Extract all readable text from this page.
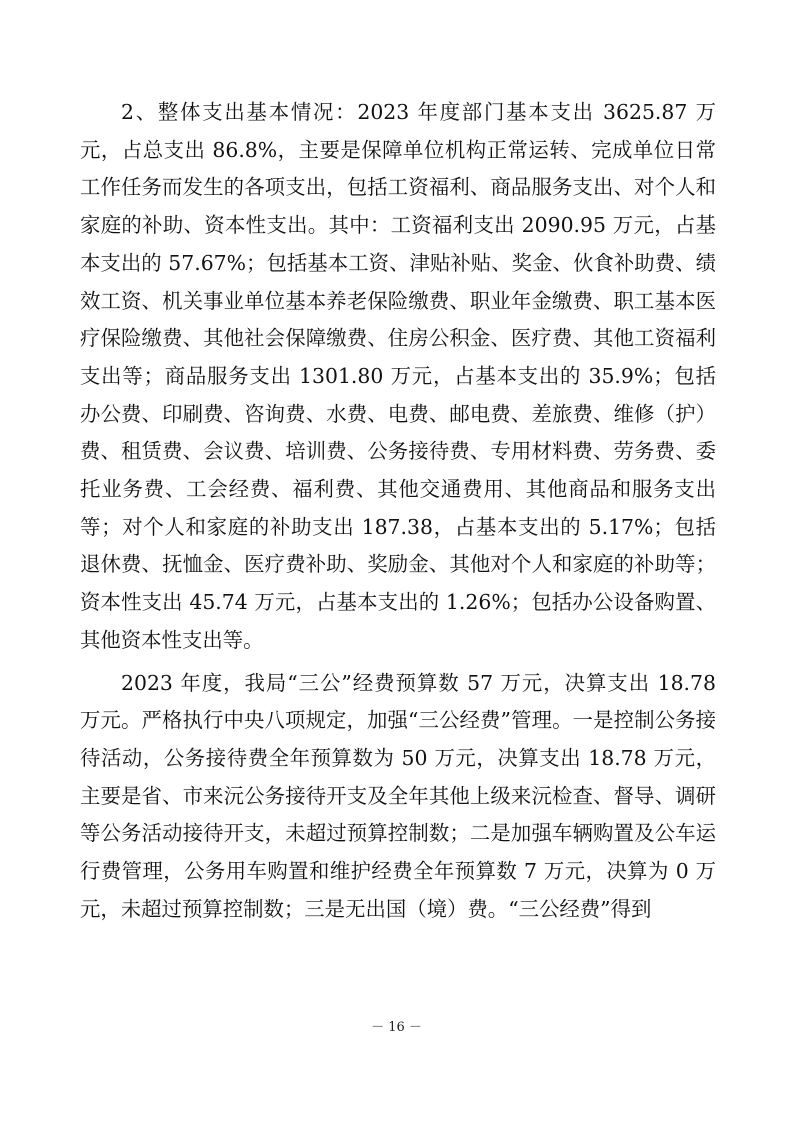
2、整体支出基本情况：2023 年度部门基本支出 3625.87 万元，占总支出 86.8%，主要是保障单位机构正常运转、完成单位日常工作任务而发生的各项支出，包括工资福利、商品服务支出、对个人和家庭的补助、资本性支出。其中：工资福利支出 2090.95 万元，占基本支出的 57.67%；包括基本工资、津贴补贴、奖金、伙食补助费、绩效工资、机关事业单位基本养老保险缴费、职业年金缴费、职工基本医疗保险缴费、其他社会保障缴费、住房公积金、医疗费、其他工资福利支出等；商品服务支出 1301.80 万元，占基本支出的 35.9%；包括办公费、印刷费、咨询费、水费、电费、邮电费、差旅费、维修（护）费、租赁费、会议费、培训费、公务接待费、专用材料费、劳务费、委托业务费、工会经费、福利费、其他交通费用、其他商品和服务支出等；对个人和家庭的补助支出 187.38，占基本支出的 5.17%；包括退休费、抚恤金、医疗费补助、奖励金、其他对个人和家庭的补助等；资本性支出 45.74 万元，占基本支出的 1.26%；包括办公设备购置、其他资本性支出等。

2023 年度，我局“三公”经费预算数 57 万元，决算支出 18.78 万元。严格执行中央八项规定，加强“三公经费”管理。一是控制公务接待活动，公务接待费全年预算数为 50 万元，决算支出 18.78 万元，主要是省、市来沅公务接待开支及全年其他上级来沅检查、督导、调研等公务活动接待开支，未超过预算控制数；二是加强车辆购置及公车运行费管理，公务用车购置和维护经费全年预算数 7 万元，决算为 0 万元，未超过预算控制数；三是无出国（境）费。“三公经费”得到

－ 16 －
